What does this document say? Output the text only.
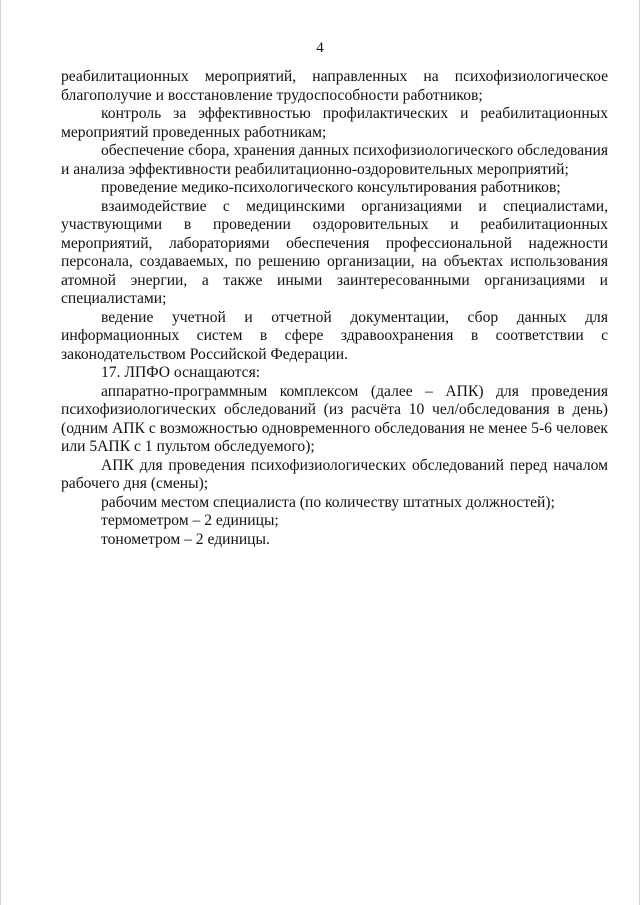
4

реабилитационных мероприятий, направленных на психофизиологическое благополучие и восстановление трудоспособности работников;

контроль за эффективностью профилактических и реабилитационных мероприятий проведенных работникам;

обеспечение сбора, хранения данных психофизиологического обследования и анализа эффективности реабилитационно-оздоровительных мероприятий;

проведение медико-психологического консультирования работников;

взаимодействие с медицинскими организациями и специалистами, участвующими в проведении оздоровительных и реабилитационных мероприятий, лабораториями обеспечения профессиональной надежности персонала, создаваемых, по решению организации, на объектах использования атомной энергии, а также иными заинтересованными организациями и специалистами;

ведение учетной и отчетной документации, сбор данных для информационных систем в сфере здравоохранения в соответствии с законодательством Российской Федерации.

17. ЛПФО оснащаются:

аппаратно-программным комплексом (далее – АПК) для проведения психофизиологических обследований (из расчёта 10 чел/обследования в день) (одним АПК с возможностью одновременного обследования не менее 5-6 человек или 5АПК с 1 пультом обследуемого);

АПК для проведения психофизиологических обследований перед началом рабочего дня (смены);

рабочим местом специалиста (по количеству штатных должностей);

термометром – 2 единицы;

тонометром – 2 единицы.
